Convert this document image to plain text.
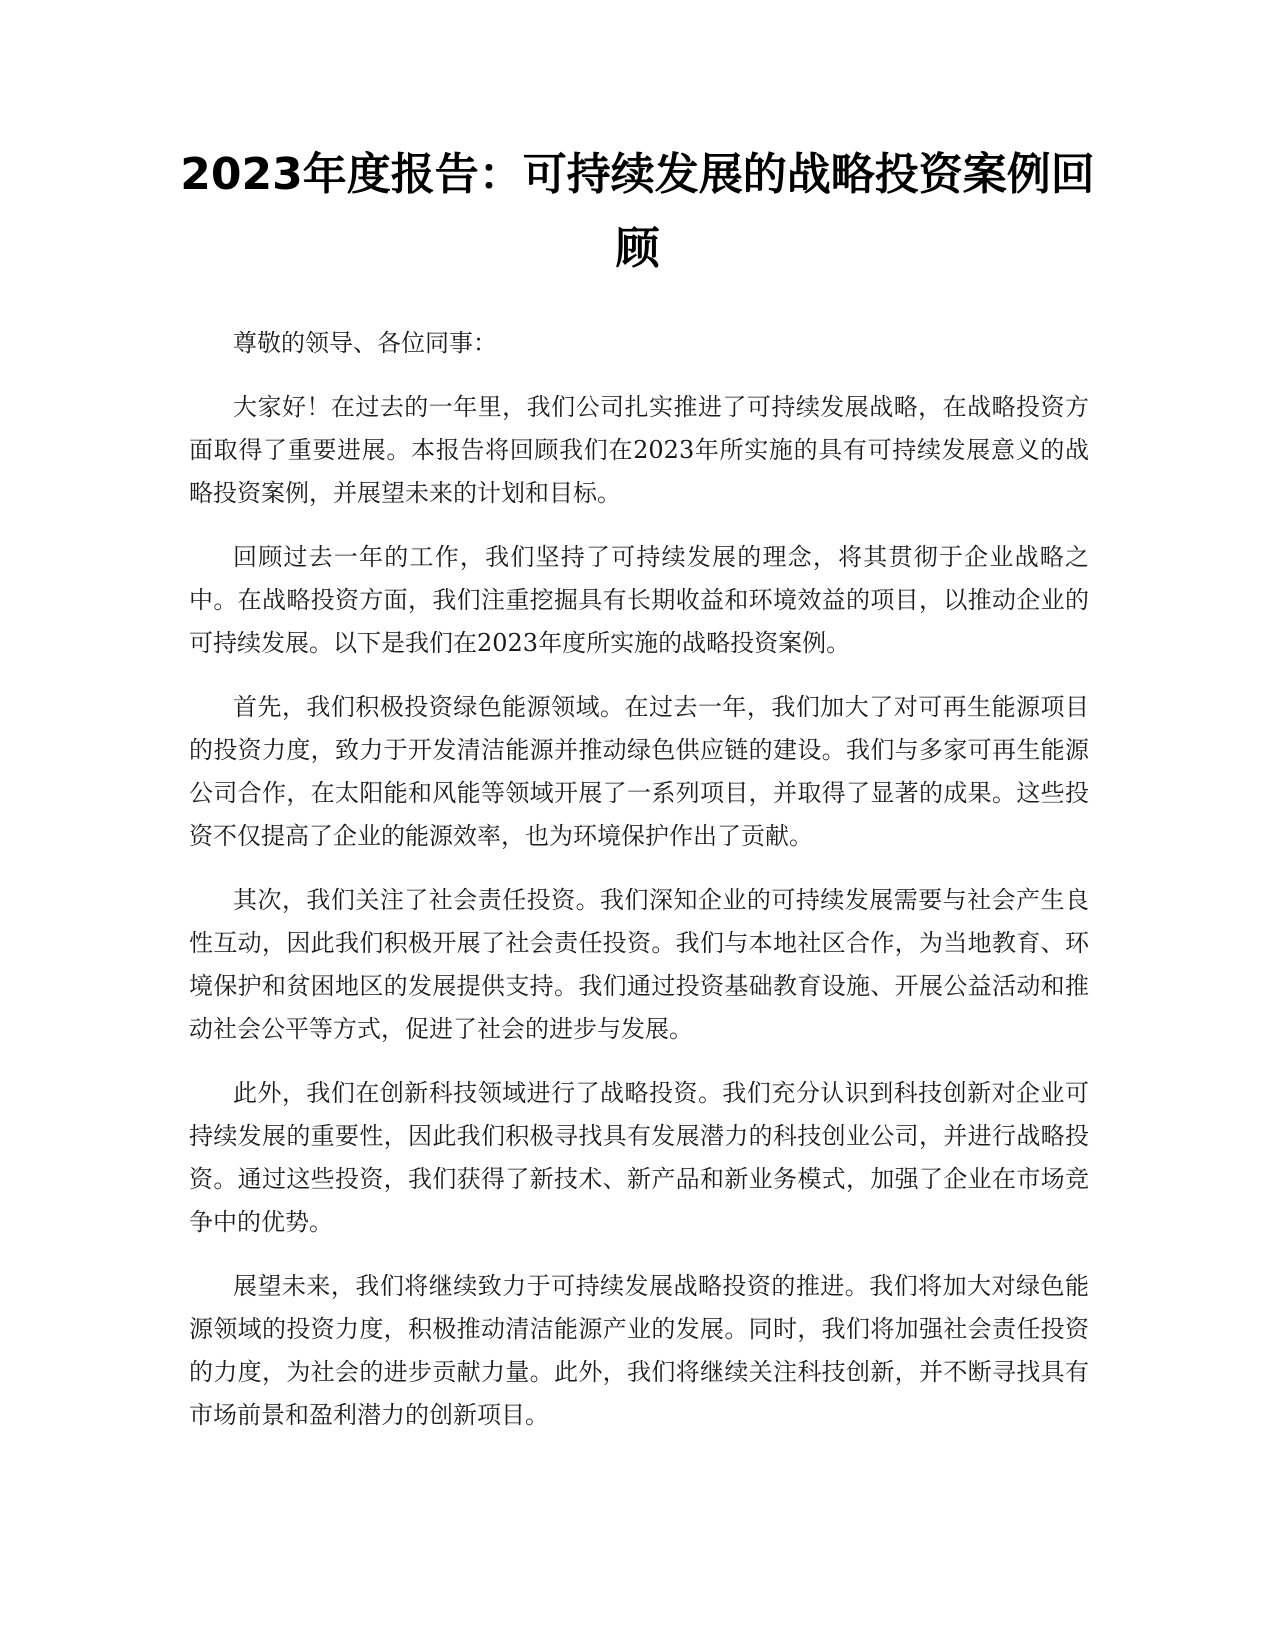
2023年度报告：可持续发展的战略投资案例回顾

尊敬的领导、各位同事：

大家好！在过去的一年里，我们公司扎实推进了可持续发展战略，在战略投资方面取得了重要进展。本报告将回顾我们在2023年所实施的具有可持续发展意义的战略投资案例，并展望未来的计划和目标。

回顾过去一年的工作，我们坚持了可持续发展的理念，将其贯彻于企业战略之中。在战略投资方面，我们注重挖掘具有长期收益和环境效益的项目，以推动企业的可持续发展。以下是我们在2023年度所实施的战略投资案例。

首先，我们积极投资绿色能源领域。在过去一年，我们加大了对可再生能源项目的投资力度，致力于开发清洁能源并推动绿色供应链的建设。我们与多家可再生能源公司合作，在太阳能和风能等领域开展了一系列项目，并取得了显著的成果。这些投资不仅提高了企业的能源效率，也为环境保护作出了贡献。

其次，我们关注了社会责任投资。我们深知企业的可持续发展需要与社会产生良性互动，因此我们积极开展了社会责任投资。我们与本地社区合作，为当地教育、环境保护和贫困地区的发展提供支持。我们通过投资基础教育设施、开展公益活动和推动社会公平等方式，促进了社会的进步与发展。

此外，我们在创新科技领域进行了战略投资。我们充分认识到科技创新对企业可持续发展的重要性，因此我们积极寻找具有发展潜力的科技创业公司，并进行战略投资。通过这些投资，我们获得了新技术、新产品和新业务模式，加强了企业在市场竞争中的优势。

展望未来，我们将继续致力于可持续发展战略投资的推进。我们将加大对绿色能源领域的投资力度，积极推动清洁能源产业的发展。同时，我们将加强社会责任投资的力度，为社会的进步贡献力量。此外，我们将继续关注科技创新，并不断寻找具有市场前景和盈利潜力的创新项目。
